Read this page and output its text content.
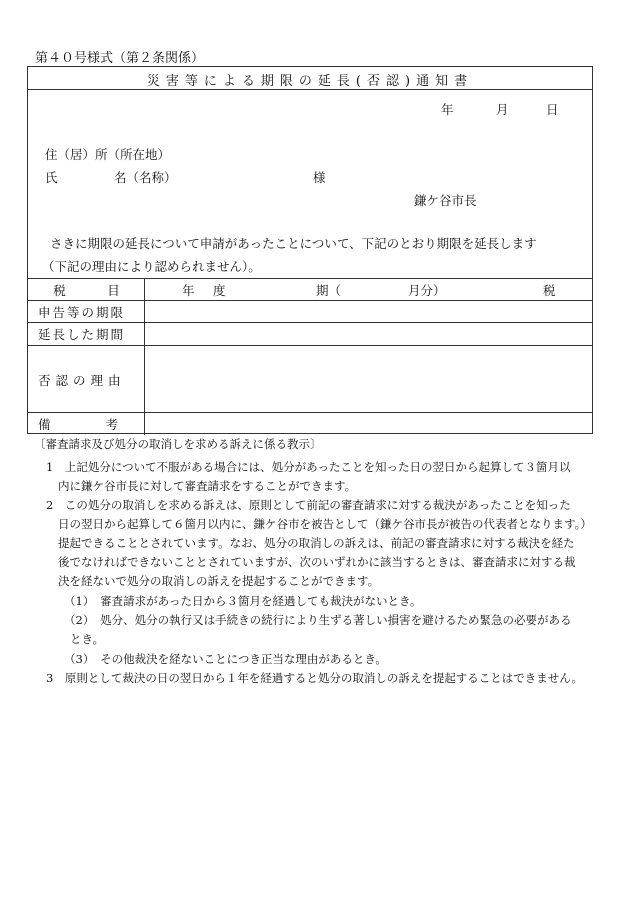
第４０号様式（第２条関係）
災害等による期限の延長(否認)通知書
年	月	日
住（居）所（所在地）
氏	名（名称）	様
鎌ケ谷市長
さきに期限の延長について申請があったことについて、下記のとおり期限を延長します
（下記の理由により認められません）。
税　　　目	年　度	期（	月分）	税
申告等の期限
延長した期間
否認の理由
備　　　　考

〔審査請求及び処分の取消しを求める訴えに係る教示〕

1　上記処分について不服がある場合には、処分があったことを知った日の翌日から起算して３箇月以

内に鎌ケ谷市長に対して審査請求をすることができます。

2　この処分の取消しを求める訴えは、原則として前記の審査請求に対する裁決があったことを知った

日の翌日から起算して６箇月以内に、鎌ケ谷市を被告として（鎌ケ谷市長が被告の代表者となります。）

提起できることとされています。なお、処分の取消しの訴えは、前記の審査請求に対する裁決を経た

後でなければできないこととされていますが、次のいずれかに該当するときは、審査請求に対する裁

決を経ないで処分の取消しの訴えを提起することができます。

（1）　審査請求があった日から３箇月を経過しても裁決がないとき。

（2）　処分、処分の執行又は手続きの続行により生ずる著しい損害を避けるため緊急の必要がある

とき。

（3）　その他裁決を経ないことにつき正当な理由があるとき。

3　原則として裁決の日の翌日から１年を経過すると処分の取消しの訴えを提起することはできません。
